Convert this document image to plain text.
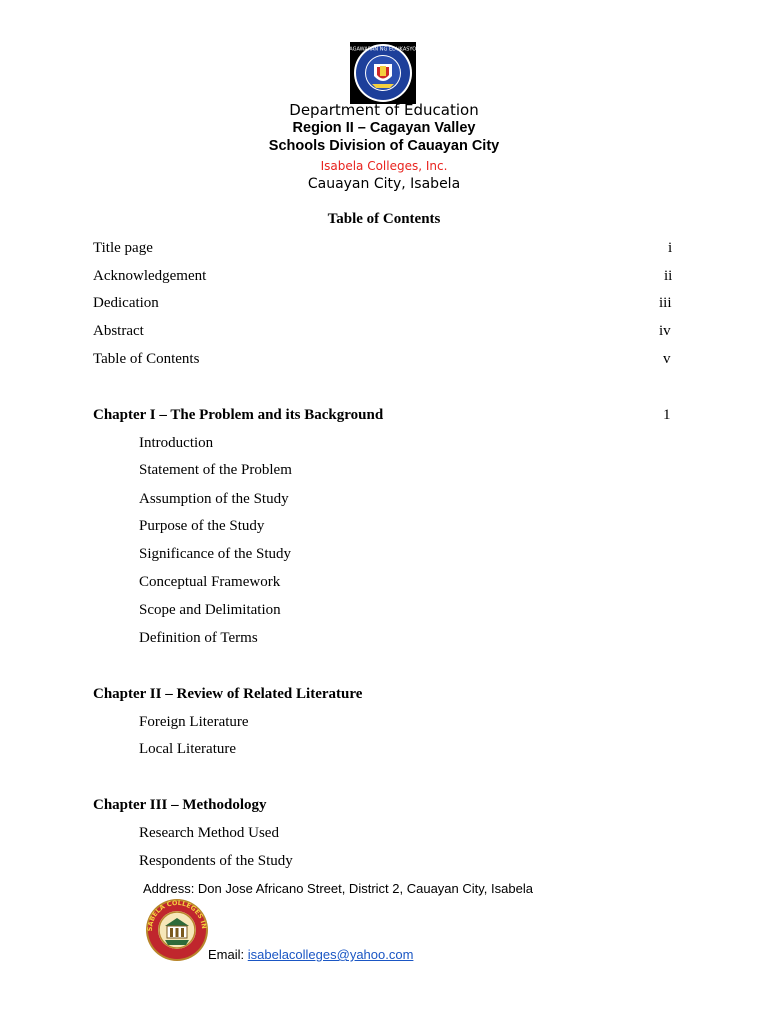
KAGAWARAN NG EDUKASYON
Department of Education
Region II – Cagayan Valley
Schools Division of Cauayan City
Isabela Colleges, Inc.
Cauayan City, Isabela
Table of Contents
Title page	i
Acknowledgement	ii
Dedication	iii
Abstract	iv
Table of Contents	v
Chapter I – The Problem and its Background	1
Introduction
Statement of the Problem
Assumption of the Study
Purpose of the Study
Significance of the Study
Conceptual Framework
Scope and Delimitation
Definition of Terms
Chapter II – Review of Related Literature
Foreign Literature
Local Literature
Chapter III – Methodology
Research Method Used
Respondents of the Study
Address: Don Jose Africano Street, District 2, Cauayan City, Isabela
SABELA COLLEGES IN
Email: isabelacolleges@yahoo.com
